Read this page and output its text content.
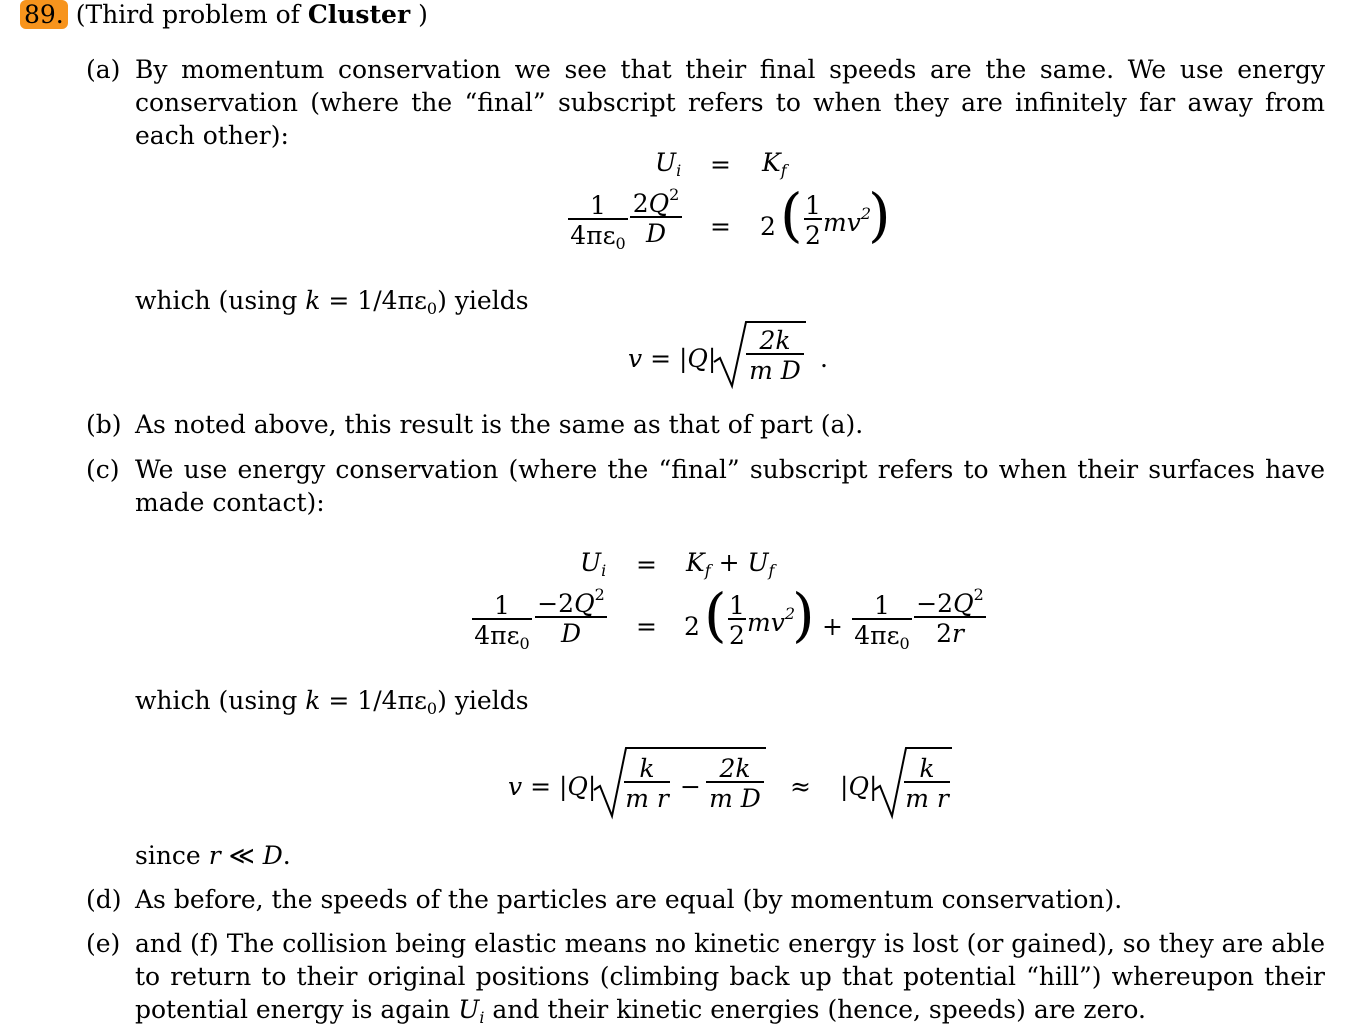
89. (Third problem of Cluster )
(a) By momentum conservation we see that their final speeds are the same. We use energy conservation (where the “final” subscript refers to when they are infinitely far away from each other):
$U_i = K_f$
$\frac{1}{4\pi\varepsilon_0} \frac{2Q^2}{D} = 2$ ( $\frac{1}{2} mv^2$
)
which (using $k = 1/4\pi\varepsilon_0$) yields
$v = |Q| \frac{2k}{\text{m D}}$ .
(b) As noted above, this result is the same as that of part (a).
(c) We use energy conservation (where the “final” subscript refers to when their surfaces have made contact):
$U_i = K_f + U_f$
$\frac{1}{4\pi\varepsilon_0} \frac{-2Q^2}{D} = 2$ ( $\frac{1}{2} mv^2$
) + $\frac{1}{4\pi\varepsilon_0} \frac{-2Q^2}{2r}$
which (using $k = 1/4\pi\varepsilon_0$) yields
$v = |Q| \frac{k}{\text{m r}} - \frac{2k}{\text{m D}} \approx |Q| \frac{k}{\text{m r}}$
since r ≪ D.
(d) As before, the speeds of the particles are equal (by momentum conservation).
(e) and (f) The collision being elastic means no kinetic energy is lost (or gained), so they are able to return to their original positions (climbing back up that potential “hill”) whereupon their potential energy is again $U_i$ and their kinetic energies (hence, speeds) are zero.
